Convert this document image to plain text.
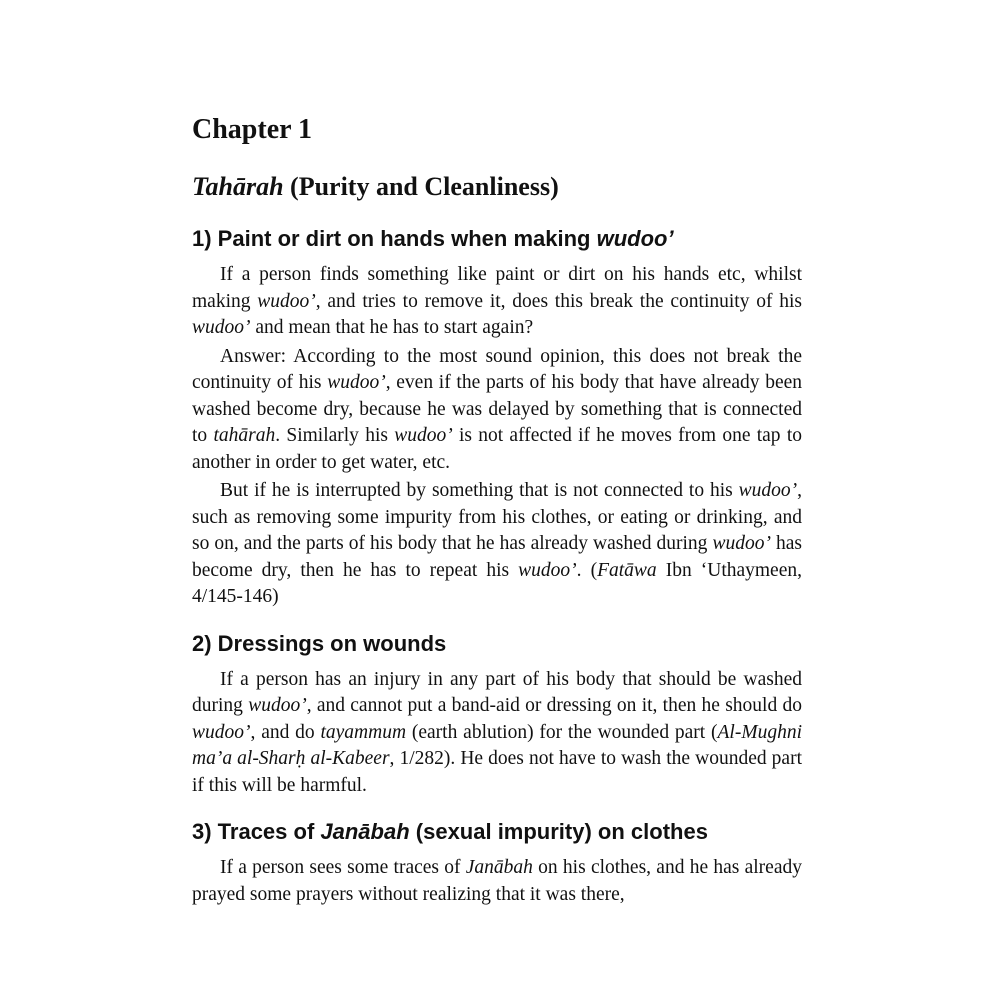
Chapter 1
Tahārah (Purity and Cleanliness)
1) Paint or dirt on hands when making wudoo’

If a person finds something like paint or dirt on his hands etc, whilst making wudoo’, and tries to remove it, does this break the continuity of his wudoo’ and mean that he has to start again?

Answer: According to the most sound opinion, this does not break the continuity of his wudoo’, even if the parts of his body that have already been washed become dry, because he was delayed by something that is connected to tahārah. Similarly his wudoo’ is not affected if he moves from one tap to another in order to get water, etc.

But if he is interrupted by something that is not connected to his wudoo’, such as removing some impurity from his clothes, or eating or drinking, and so on, and the parts of his body that he has already washed during wudoo’ has become dry, then he has to repeat his wudoo’. (Fatāwa Ibn ‘Uthaymeen, 4/145-146)

2) Dressings on wounds

If a person has an injury in any part of his body that should be washed during wudoo’, and cannot put a band-aid or dressing on it, then he should do wudoo’, and do tayammum (earth ablution) for the wounded part (Al-Mughni ma’a al-Sharḥ al-Kabeer, 1/282). He does not have to wash the wounded part if this will be harmful.

3) Traces of Janābah (sexual impurity) on clothes

If a person sees some traces of Janābah on his clothes, and he has already prayed some prayers without realizing that it was there,
